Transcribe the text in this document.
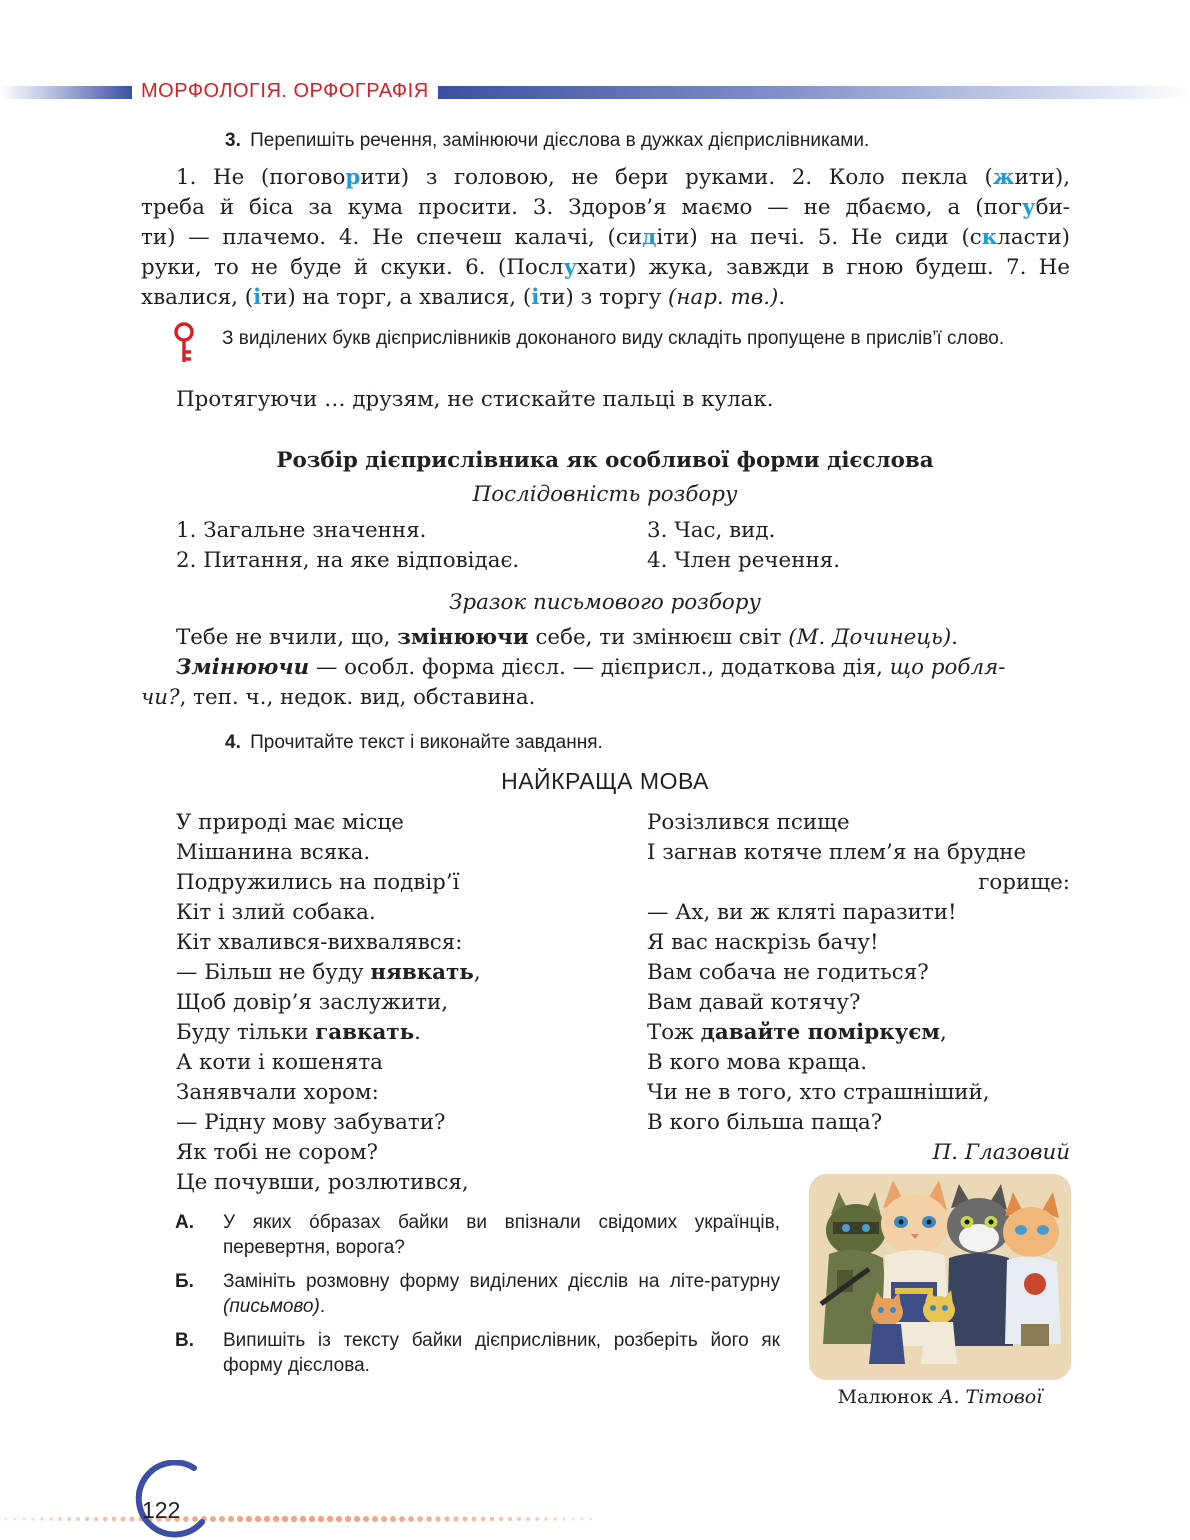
МОРФОЛОГІЯ. ОРФОГРАФІЯ
3. Перепишіть речення, замінюючи дієслова в дужках дієприслівниками.
1. Не (поговорити) з головою, не бери руками. 2. Коло пекла (жити),
треба й біса за кума просити. 3. Здоров’я маємо — не дбаємо, а (погуби-
ти) — плачемо. 4. Не спечеш калачі, (сидіти) на печі. 5. Не сиди (скласти)
руки, то не буде й скуки. 6. (Послухати) жука, завжди в гною будеш. 7. Не
хвалися, (іти) на торг, а хвалися, (іти) з торгу (нар. тв.).
З виділених букв дієприслівників доконаного виду складіть пропущене в прислів’ї слово.
Протягуючи … друзям, не стискайте пальці в кулак.
Розбір дієприслівника як особливої форми дієслова
Послідовність розбору
1. Загальне значення.
2. Питання, на яке відповідає.
3. Час, вид.
4. Член речення.
Зразок письмового розбору
Тебе не вчили, що, змінюючи себе, ти змінюєш світ (М. Дочинець).
Змінюючи — особл. форма дієсл. — дієприсл., додаткова дія, що робля-
чи?, теп. ч., недок. вид, обставина.
4. Прочитайте текст і виконайте завдання.
НАЙКРАЩА МОВА
У природі має місце
Мішанина всяка.
Подружились на подвір’ї
Кіт і злий собака.
Кіт хвалився-вихвалявся:
— Більш не буду нявкать,
Щоб довір’я заслужити,
Буду тільки гавкать.
А коти і кошенята
Занявчали хором:
— Рідну мову забувати?
Як тобі не сором?
Це почувши, розлютився,
Розізлився псище
І загнав котяче плем’я на брудне
горище:
— Ах, ви ж кляті паразити!
Я вас наскрізь бачу!
Вам собача не годиться?
Вам давай котячу?
Тож давайте поміркуєм,
В кого мова краща.
Чи не в того, хто страшніший,
В кого більша паща?
П. Глазовий
А. У яких óбразах байки ви впізнали свідомих українців, перевертня, ворога?
Б. Замініть розмовну форму виділених дієслів на літе-ратурну (письмово).
В. Випишіть із тексту байки дієприслівник, розберіть його як форму дієслова.
Малюнок А. Тітової
122
